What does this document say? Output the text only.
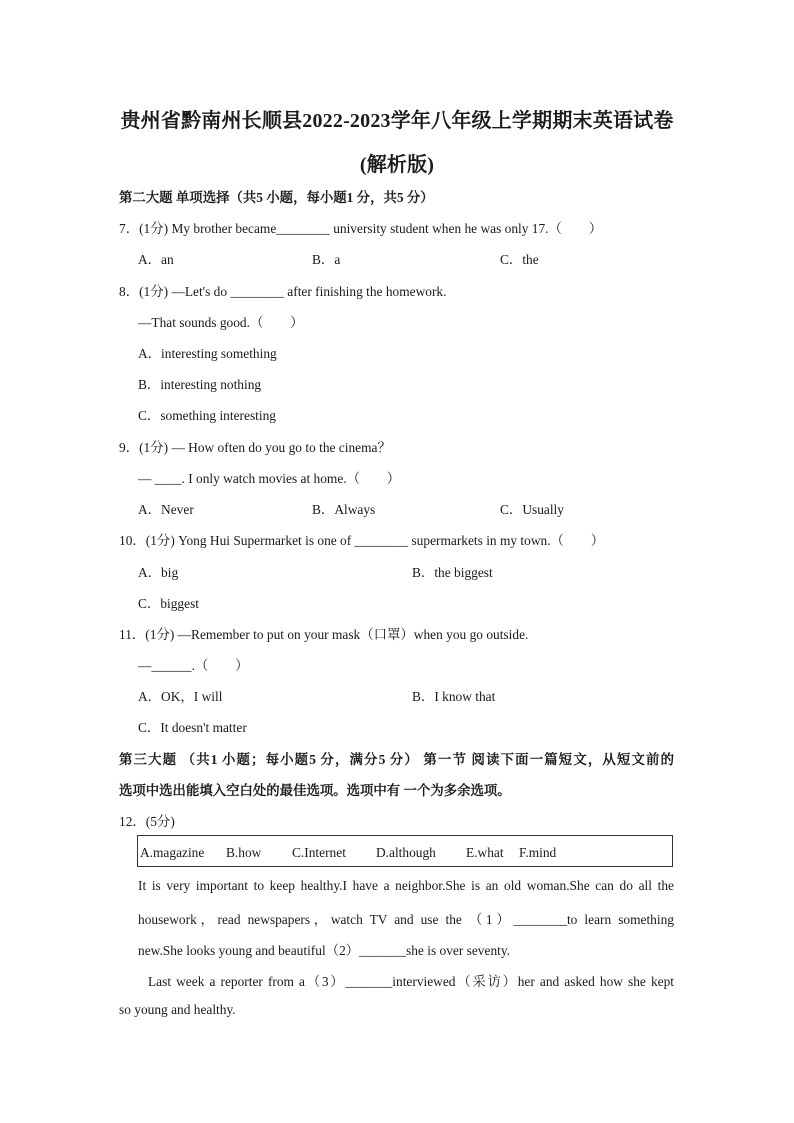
贵州省黔南州长顺县2022-2023学年八年级上学期期末英语试卷
(解析版)
第二大题 单项选择（共5 小题，每小题1 分，共5 分）
7．(1分) My brother became________ university student when he was only 17.（　　）
A．an	B．a	C．the
8．(1分) —Let's do ________ after finishing the homework.
—That sounds good.（　　）
A．interesting something
B．interesting nothing
C．something interesting
9．(1分) — How often do you go to the cinema？
— ____. I only watch movies at home.（　　）
A．Never	B．Always	C．Usually
10．(1分) Yong Hui Supermarket is one of ________ supermarkets in my town.（　　）
A．big	B．the biggest
C．biggest
11．(1分) —Remember to put on your mask（口罩）when you go outside.
—______.（　　）
A．OK，I will	B．I know that
C．It doesn't matter
第三大题 （共1 小题；每小题5 分，满分5 分） 第一节 阅读下面一篇短文，从短文前的
选项中选出能填入空白处的最佳选项。选项中有 一个为多余选项。
12．(5分)
A.magazine B.how C.Internet D.although E.what F.mind
It is very important to keep healthy.I have a neighbor.She is an old woman.She can do all the
housework，read newspapers，watch TV and use the （1）________to learn something
new.She looks young and beautiful（2）_______she is over seventy.
Last week a reporter from a（3）_______interviewed（采访）her and asked how she kept
so young and healthy.
